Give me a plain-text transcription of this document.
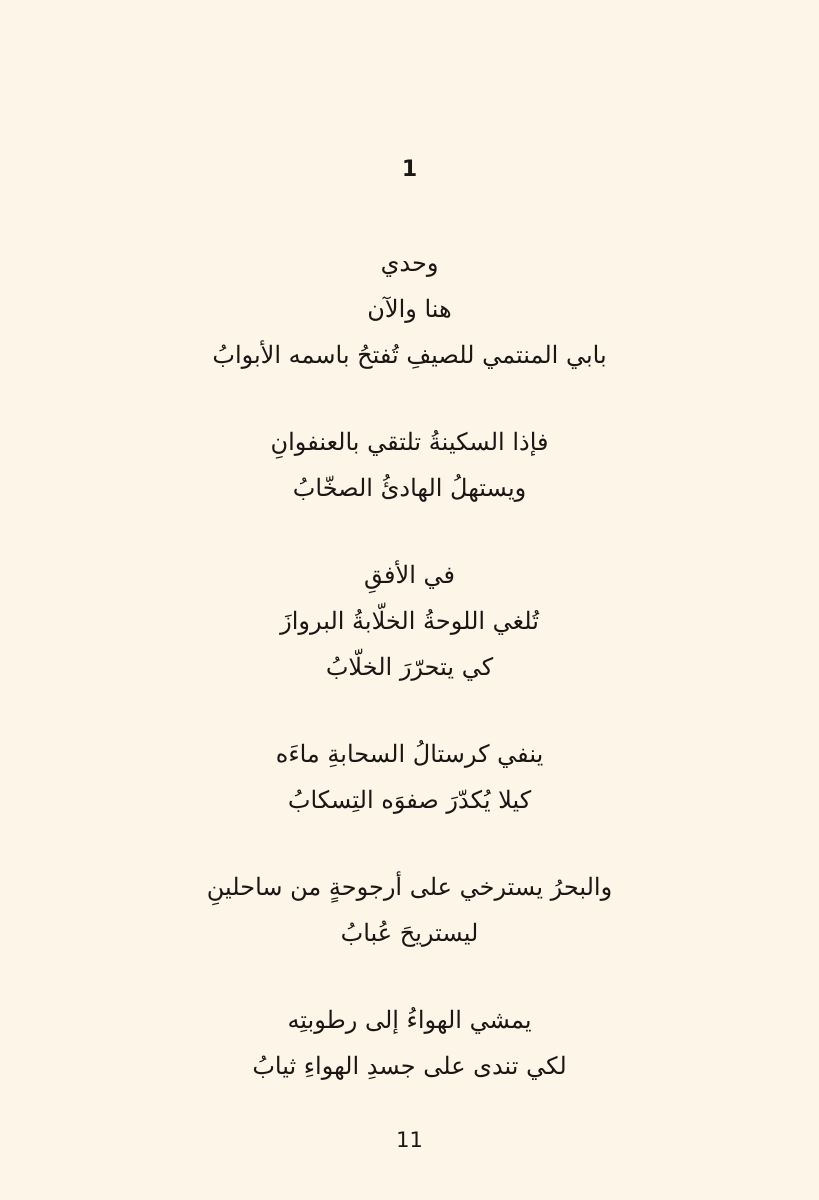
1
وحدي
هنا والآن
بابي المنتمي للصيفِ تُفتحُ باسمه الأبوابُ
فإذا السكينةُ تلتقي بالعنفوانِ
ويستهلُ الهادئُ الصخّابُ
في الأفقِ
تُلغي اللوحةُ الخلّابةُ البروازَ
كي يتحرّرَ الخلّابُ
ينفي كرستالُ السحابةِ ماءَه
كيلا يُكدّرَ صفوَه التِسكابُ
والبحرُ يسترخي على أرجوحةٍ من ساحلينِ
ليستريحَ عُبابُ
يمشي الهواءُ إلى رطوبتِه
لكي تندى على جسدِ الهواءِ ثيابُ
11
